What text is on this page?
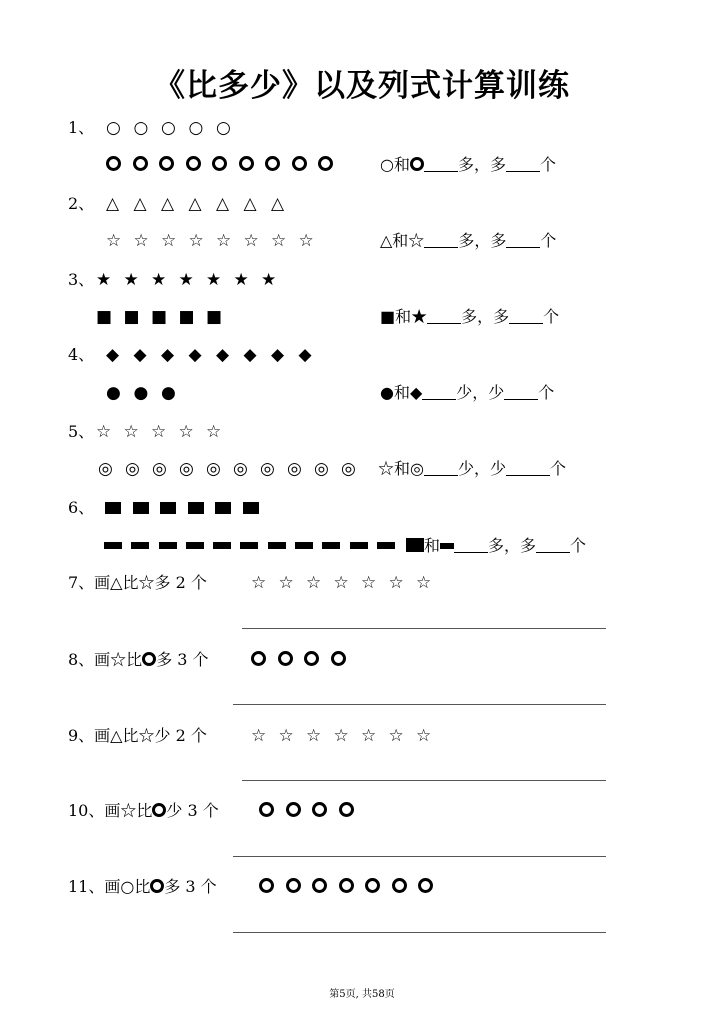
《比多少》以及列式计算训练
1、 ○ ○ ○ ○ ○
○和	多，多 个
2、 △ △ △ △ △ △ △
☆ ☆ ☆ ☆ ☆ ☆ ☆ ☆	△和☆ 多，多 个
3、 ★ ★ ★ ★ ★ ★ ★
■ ■ ■ ■ ■	■和★ 多，多 个
4、 ◆ ◆ ◆ ◆ ◆ ◆ ◆ ◆
● ● ●	●和◆ 少，少 个
5、 ☆ ☆ ☆ ☆ ☆
◎ ◎ ◎ ◎ ◎ ◎ ◎ ◎ ◎ ◎	☆和◎ 少，少	个
6、
和	多，多 个
7、画△比☆多 2 个	☆ ☆ ☆ ☆ ☆ ☆ ☆
8、画☆比 多 3 个
9、画△比☆少 2 个	☆ ☆ ☆ ☆ ☆ ☆ ☆
10、画☆比 少 3 个
11、画○比 多 3 个
第5页, 共58页
